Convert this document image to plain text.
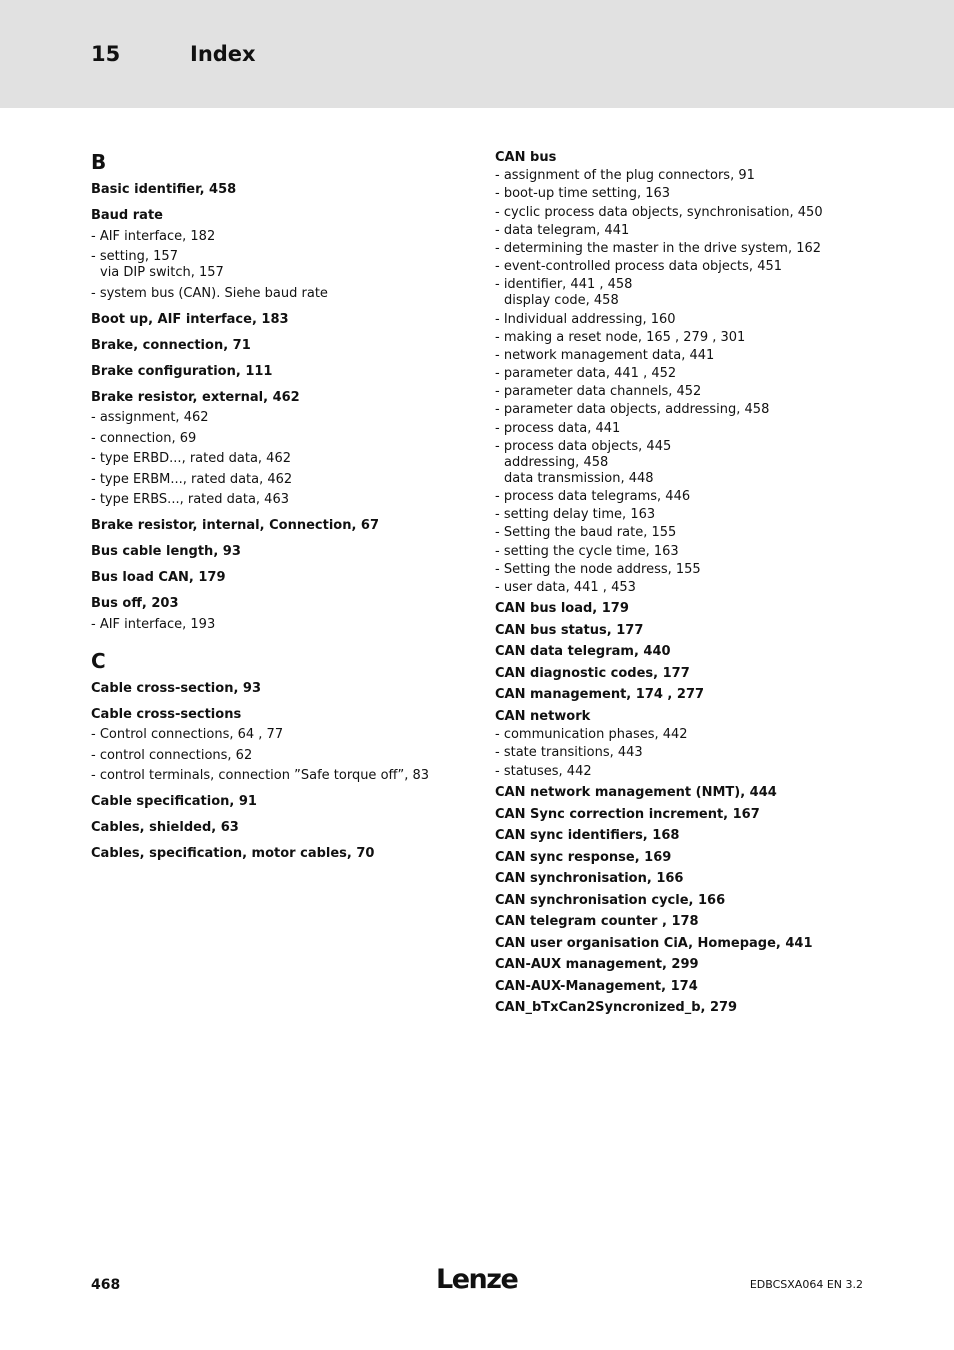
15	Index
B
Basic identifier, 458
Baud rate
- AIF interface, 182
- setting, 157
via DIP switch, 157
- system bus (CAN). Siehe baud rate
Boot up, AIF interface, 183
Brake, connection, 71
Brake configuration, 111
Brake resistor, external, 462
- assignment, 462
- connection, 69
- type ERBD..., rated data, 462
- type ERBM..., rated data, 462
- type ERBS..., rated data, 463
Brake resistor, internal, Connection, 67
Bus cable length, 93
Bus load CAN, 179
Bus off, 203
- AIF interface, 193
C
Cable cross-section, 93
Cable cross-sections
- Control connections, 64 , 77
- control connections, 62
- control terminals, connection ”Safe torque off”, 83
Cable specification, 91
Cables, shielded, 63
Cables, specification, motor cables, 70
CAN bus
- assignment of the plug connectors, 91
- boot-up time setting, 163
- cyclic process data objects, synchronisation, 450
- data telegram, 441
- determining the master in the drive system, 162
- event-controlled process data objects, 451
- identifier, 441 , 458
display code, 458
- Individual addressing, 160
- making a reset node, 165 , 279 , 301
- network management data, 441
- parameter data, 441 , 452
- parameter data channels, 452
- parameter data objects, addressing, 458
- process data, 441
- process data objects, 445
addressing, 458
data transmission, 448
- process data telegrams, 446
- setting delay time, 163
- Setting the baud rate, 155
- setting the cycle time, 163
- Setting the node address, 155
- user data, 441 , 453
CAN bus load, 179
CAN bus status, 177
CAN data telegram, 440
CAN diagnostic codes, 177
CAN management, 174 , 277
CAN network
- communication phases, 442
- state transitions, 443
- statuses, 442
CAN network management (NMT), 444
CAN Sync correction increment, 167
CAN sync identifiers, 168
CAN sync response, 169
CAN synchronisation, 166
CAN synchronisation cycle, 166
CAN telegram counter , 178
CAN user organisation CiA, Homepage, 441
CAN-AUX management, 299
CAN-AUX-Management, 174
CAN_bTxCan2Syncronized_b, 279
468	Lenze	EDBCSXA064 EN 3.2
